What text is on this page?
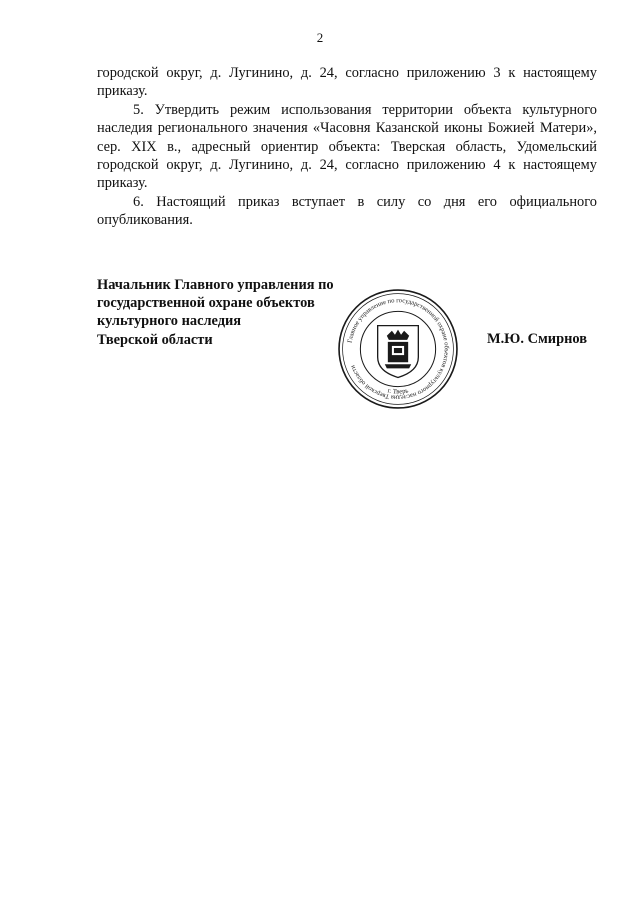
2

городской округ, д. Лугинино, д. 24, согласно приложению 3 к настоящему приказу.

5. Утвердить режим использования территории объекта культурного наследия регионального значения «Часовня Казанской иконы Божией Матери», сер. XIX в., адресный ориентир объекта: Тверская область, Удомельский городской округ, д. Лугинино, д. 24, согласно приложению 4 к настоящему приказу.

6. Настоящий приказ вступает в силу со дня его официального опубликования.

Начальник Главного управления по
государственной охране объектов
культурного наследия
Тверской области	Главное управление по государственной охране объектов культурного наследия Тверской области
г. Тверь
М.Ю. Смирнов
